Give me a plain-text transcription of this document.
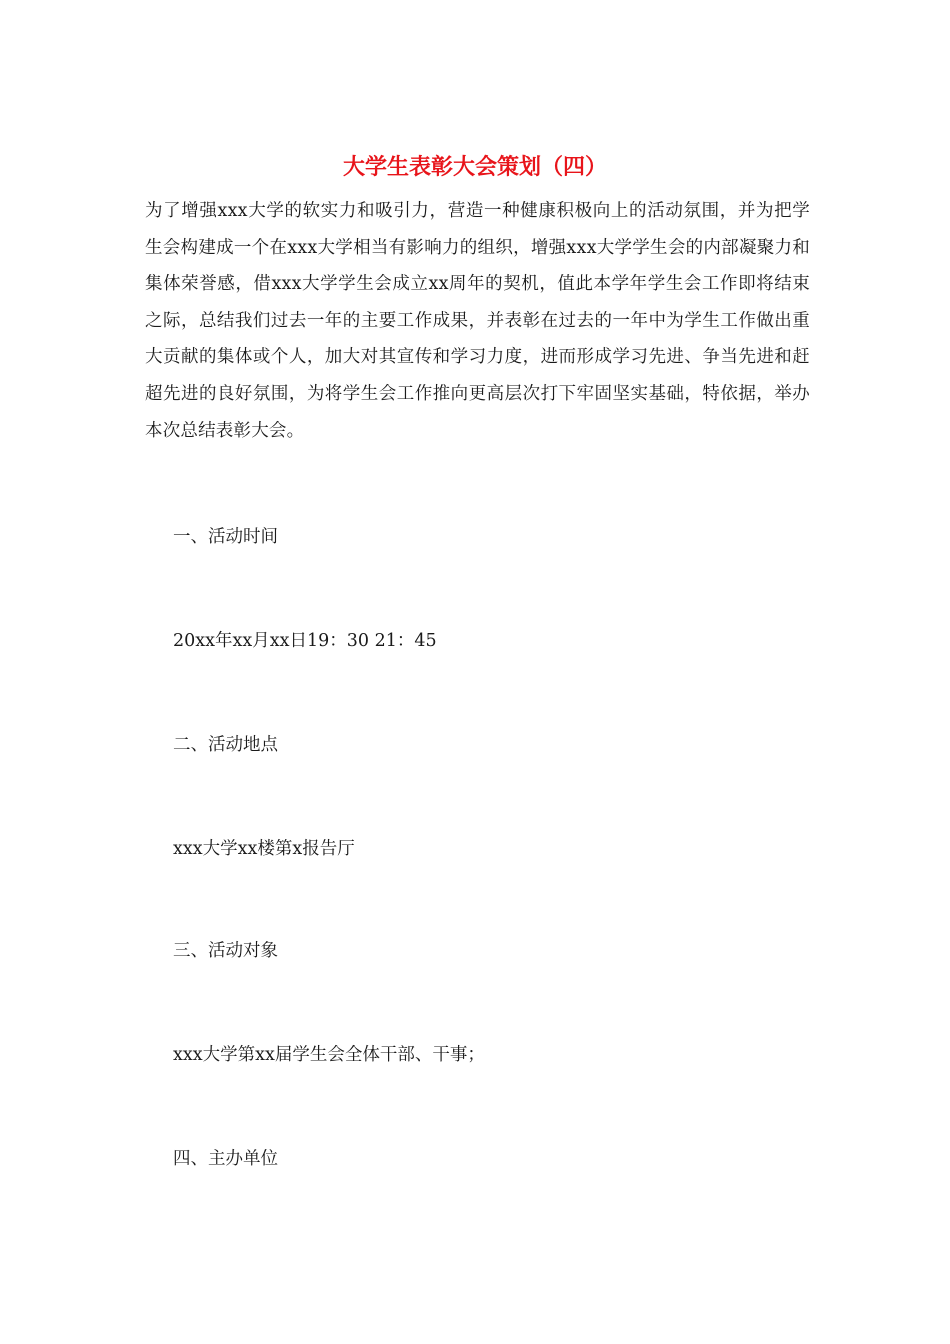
大学生表彰大会策划（四）

为了增强xxx大学的软实力和吸引力，营造一种健康积极向上的活动氛围，并为把学生会构建成一个在xxx大学相当有影响力的组织，增强xxx大学学生会的内部凝聚力和集体荣誉感，借xxx大学学生会成立xx周年的契机，值此本学年学生会工作即将结束之际，总结我们过去一年的主要工作成果，并表彰在过去的一年中为学生工作做出重大贡献的集体或个人，加大对其宣传和学习力度，进而形成学习先进、争当先进和赶超先进的良好氛围，为将学生会工作推向更高层次打下牢固坚实基础，特依据，举办本次总结表彰大会。

一、活动时间

20xx年xx月xx日19：30 21：45

二、活动地点

xxx大学xx楼第x报告厅

三、活动对象

xxx大学第xx届学生会全体干部、干事；

四、主办单位
